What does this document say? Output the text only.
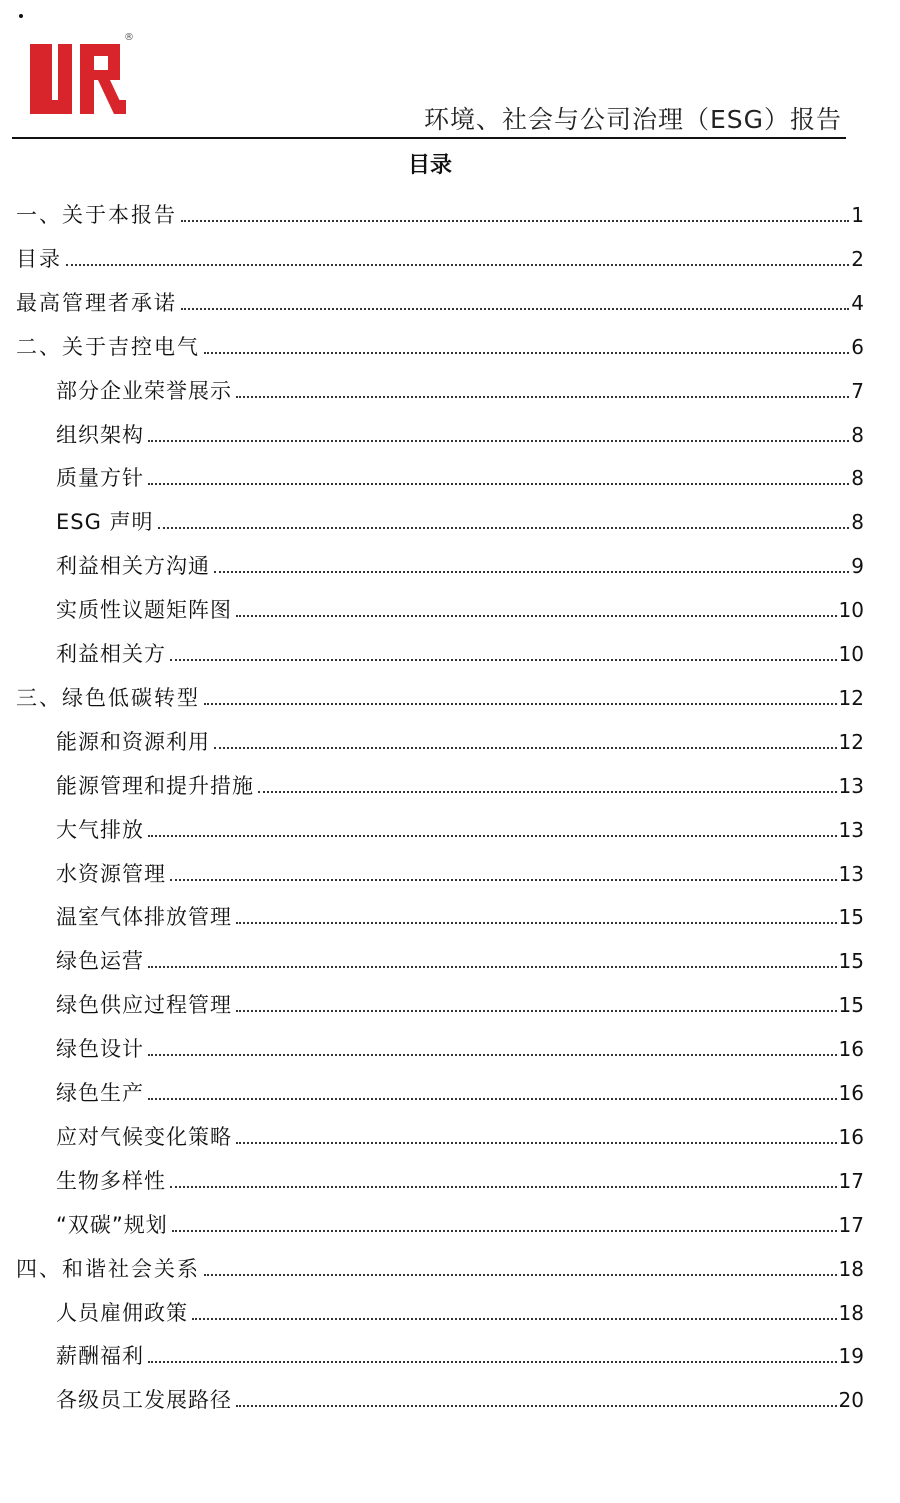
®
环境、社会与公司治理（ESG）报告
目录
一、关于本报告	1
目录	2
最高管理者承诺	4
二、关于吉控电气	6
部分企业荣誉展示	7
组织架构	8
质量方针	8
ESG 声明	8
利益相关方沟通	9
实质性议题矩阵图	10
利益相关方	10
三、绿色低碳转型	12
能源和资源利用	12
能源管理和提升措施	13
大气排放	13
水资源管理	13
温室气体排放管理	15
绿色运营	15
绿色供应过程管理	15
绿色设计	16
绿色生产	16
应对气候变化策略	16
生物多样性	17
“双碳”规划	17
四、和谐社会关系	18
人员雇佣政策	18
薪酬福利	19
各级员工发展路径	20
